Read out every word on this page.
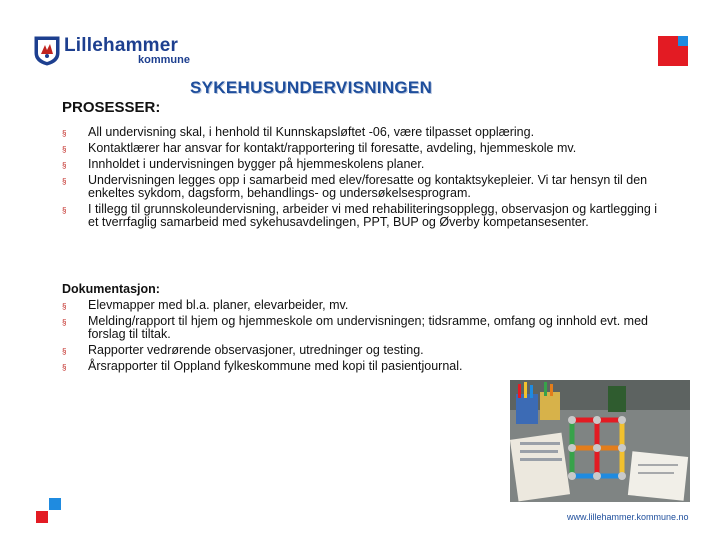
Lillehammer
kommune
SYKEHUSUNDERVISNINGEN
PROSESSER:
§ All undervisning skal, i henhold til Kunnskapsløftet -06, være tilpasset opplæring.
§ Kontaktlærer har ansvar for kontakt/rapportering til foresatte, avdeling, hjemmeskole mv.
§ Innholdet i undervisningen bygger på hjemmeskolens planer.
§ Undervisningen legges opp i samarbeid med elev/foresatte og kontaktsykepleier. Vi tar hensyn til den enkeltes sykdom, dagsform, behandlings- og undersøkelsesprogram.
§ I tillegg til grunnskoleundervisning, arbeider vi med rehabiliteringsopplegg, observasjon og kartlegging i et tverrfaglig samarbeid med sykehusavdelingen, PPT, BUP og Øverby kompetansesenter.
Dokumentasjon:
§ Elevmapper med bl.a. planer, elevarbeider, mv.
§ Melding/rapport til hjem og hjemmeskole om undervisningen; tidsramme, omfang og innhold evt. med forslag til tiltak.
§ Rapporter vedrørende observasjoner, utredninger og testing.
§ Årsrapporter til Oppland fylkeskommune med kopi til pasientjournal.
www.lillehammer.kommune.no
